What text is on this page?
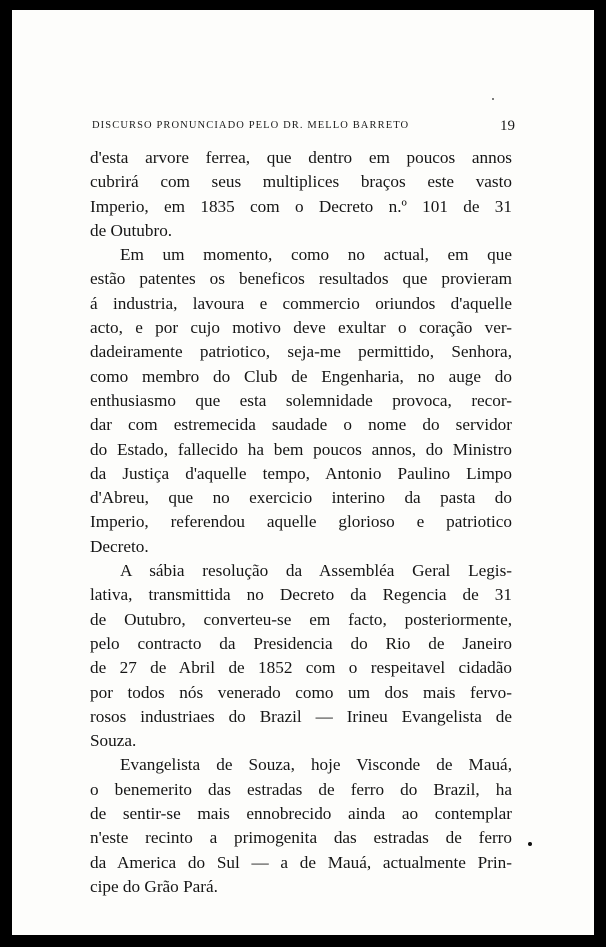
DISCURSO PRONUNCIADO PELO DR. MELLO BARRETO	19

d'esta arvore ferrea, que dentro em poucos annos

cubrirá com seus multiplices braços este vasto

Imperio, em 1835 com o Decreto n.º 101 de 31

de Outubro.

Em um momento, como no actual, em que

estão patentes os beneficos resultados que provieram

á industria, lavoura e commercio oriundos d'aquelle

acto, e por cujo motivo deve exultar o coração ver-

dadeiramente patriotico, seja-me permittido, Senhora,

como membro do Club de Engenharia, no auge do

enthusiasmo que esta solemnidade provoca, recor-

dar com estremecida saudade o nome do servidor

do Estado, fallecido ha bem poucos annos, do Ministro

da Justiça d'aquelle tempo, Antonio Paulino Limpo

d'Abreu, que no exercicio interino da pasta do

Imperio, referendou aquelle glorioso e patriotico

Decreto.

A sábia resolução da Assembléa Geral Legis-

lativa, transmittida no Decreto da Regencia de 31

de Outubro, converteu-se em facto, posteriormente,

pelo contracto da Presidencia do Rio de Janeiro

de 27 de Abril de 1852 com o respeitavel cidadão

por todos nós venerado como um dos mais fervo-

rosos industriaes do Brazil — Irineu Evangelista de

Souza.

Evangelista de Souza, hoje Visconde de Mauá,

o benemerito das estradas de ferro do Brazil, ha

de sentir-se mais ennobrecido ainda ao contemplar

n'este recinto a primogenita das estradas de ferro

da America do Sul — a de Mauá, actualmente Prin-

cipe do Grão Pará.
